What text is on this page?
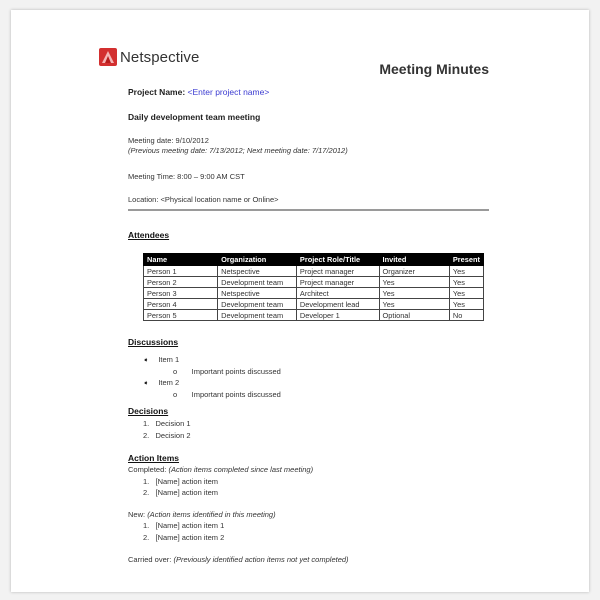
Netspective
Meeting Minutes
Project Name: <Enter project name>
Daily development team meeting
Meeting date: 9/10/2012
(Previous meeting date: 7/13/2012; Next meeting date: 7/17/2012)
Meeting Time: 8:00 – 9:00 AM CST
Location: <Physical location name or Online>
Attendees
Name	Organization	Project Role/Title	Invited	Present
Person 1	Netspective	Project manager	Organizer	Yes
Person 2	Development team	Project manager	Yes	Yes
Person 3	Netspective	Architect	Yes	Yes
Person 4	Development team	Development lead	Yes	Yes
Person 5	Development team	Developer 1	Optional	No
Discussions
➧ Item 1
o Important points discussed
➧ Item 2
o Important points discussed
Decisions
1.   Decision 1
2.   Decision 2
Action Items
Completed: (Action items completed since last meeting)
1.   [Name] action item
2.   [Name] action item
New: (Action items identified in this meeting)
1.   [Name] action item 1
2.   [Name] action item 2
Carried over: (Previously identified action items not yet completed)
